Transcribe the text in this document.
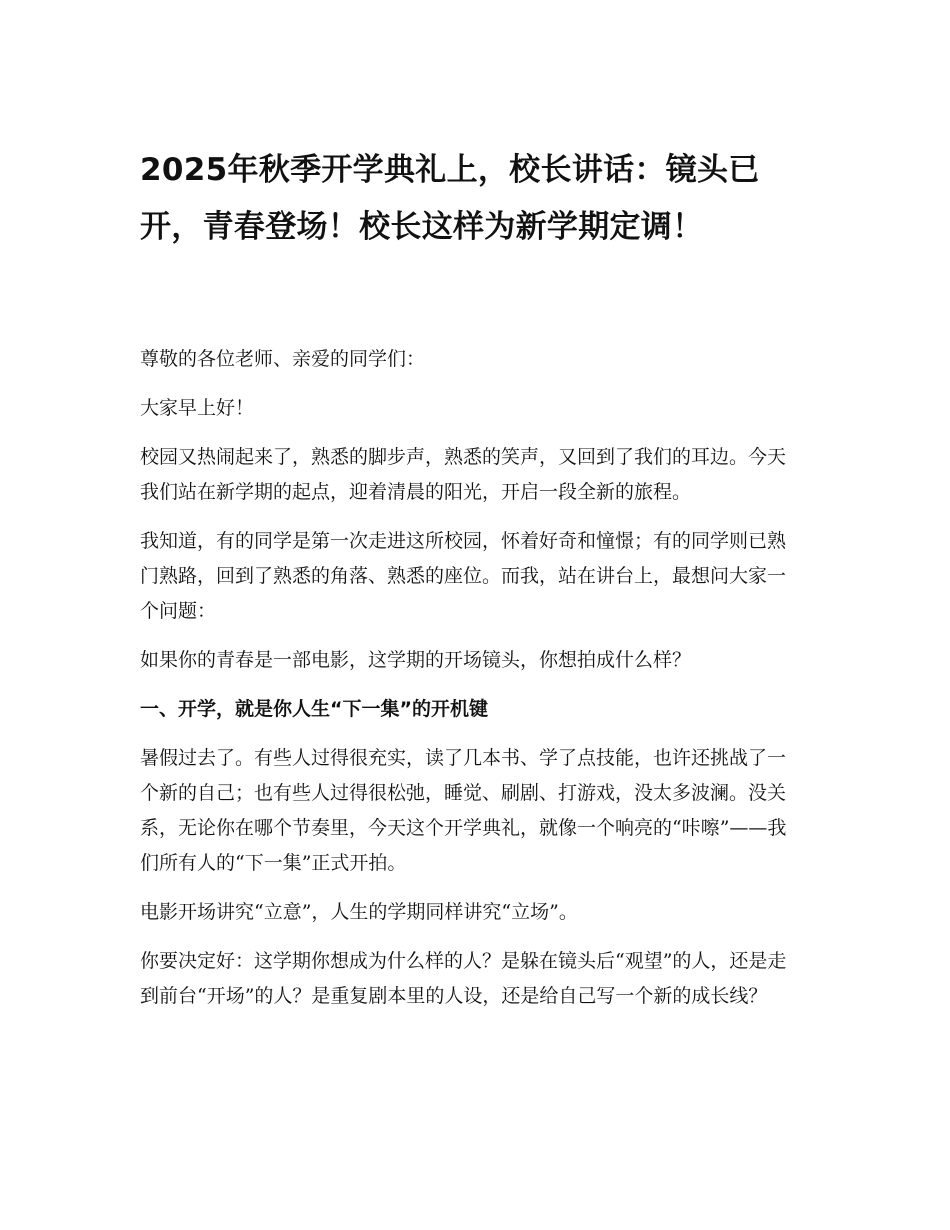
2025年秋季开学典礼上，校长讲话：镜头已开，青春登场！校长这样为新学期定调！

尊敬的各位老师、亲爱的同学们：

大家早上好！

校园又热闹起来了，熟悉的脚步声，熟悉的笑声，又回到了我们的耳边。今天我们站在新学期的起点，迎着清晨的阳光，开启一段全新的旅程。

我知道，有的同学是第一次走进这所校园，怀着好奇和憧憬；有的同学则已熟门熟路，回到了熟悉的角落、熟悉的座位。而我，站在讲台上，最想问大家一个问题：

如果你的青春是一部电影，这学期的开场镜头，你想拍成什么样？

一、开学，就是你人生“下一集”的开机键

暑假过去了。有些人过得很充实，读了几本书、学了点技能，也许还挑战了一个新的自己；也有些人过得很松弛，睡觉、刷剧、打游戏，没太多波澜。没关系，无论你在哪个节奏里，今天这个开学典礼，就像一个响亮的“咔嚓”——我们所有人的“下一集”正式开拍。

电影开场讲究“立意”，人生的学期同样讲究“立场”。

你要决定好：这学期你想成为什么样的人？是躲在镜头后“观望”的人，还是走到前台“开场”的人？是重复剧本里的人设，还是给自己写一个新的成长线？
